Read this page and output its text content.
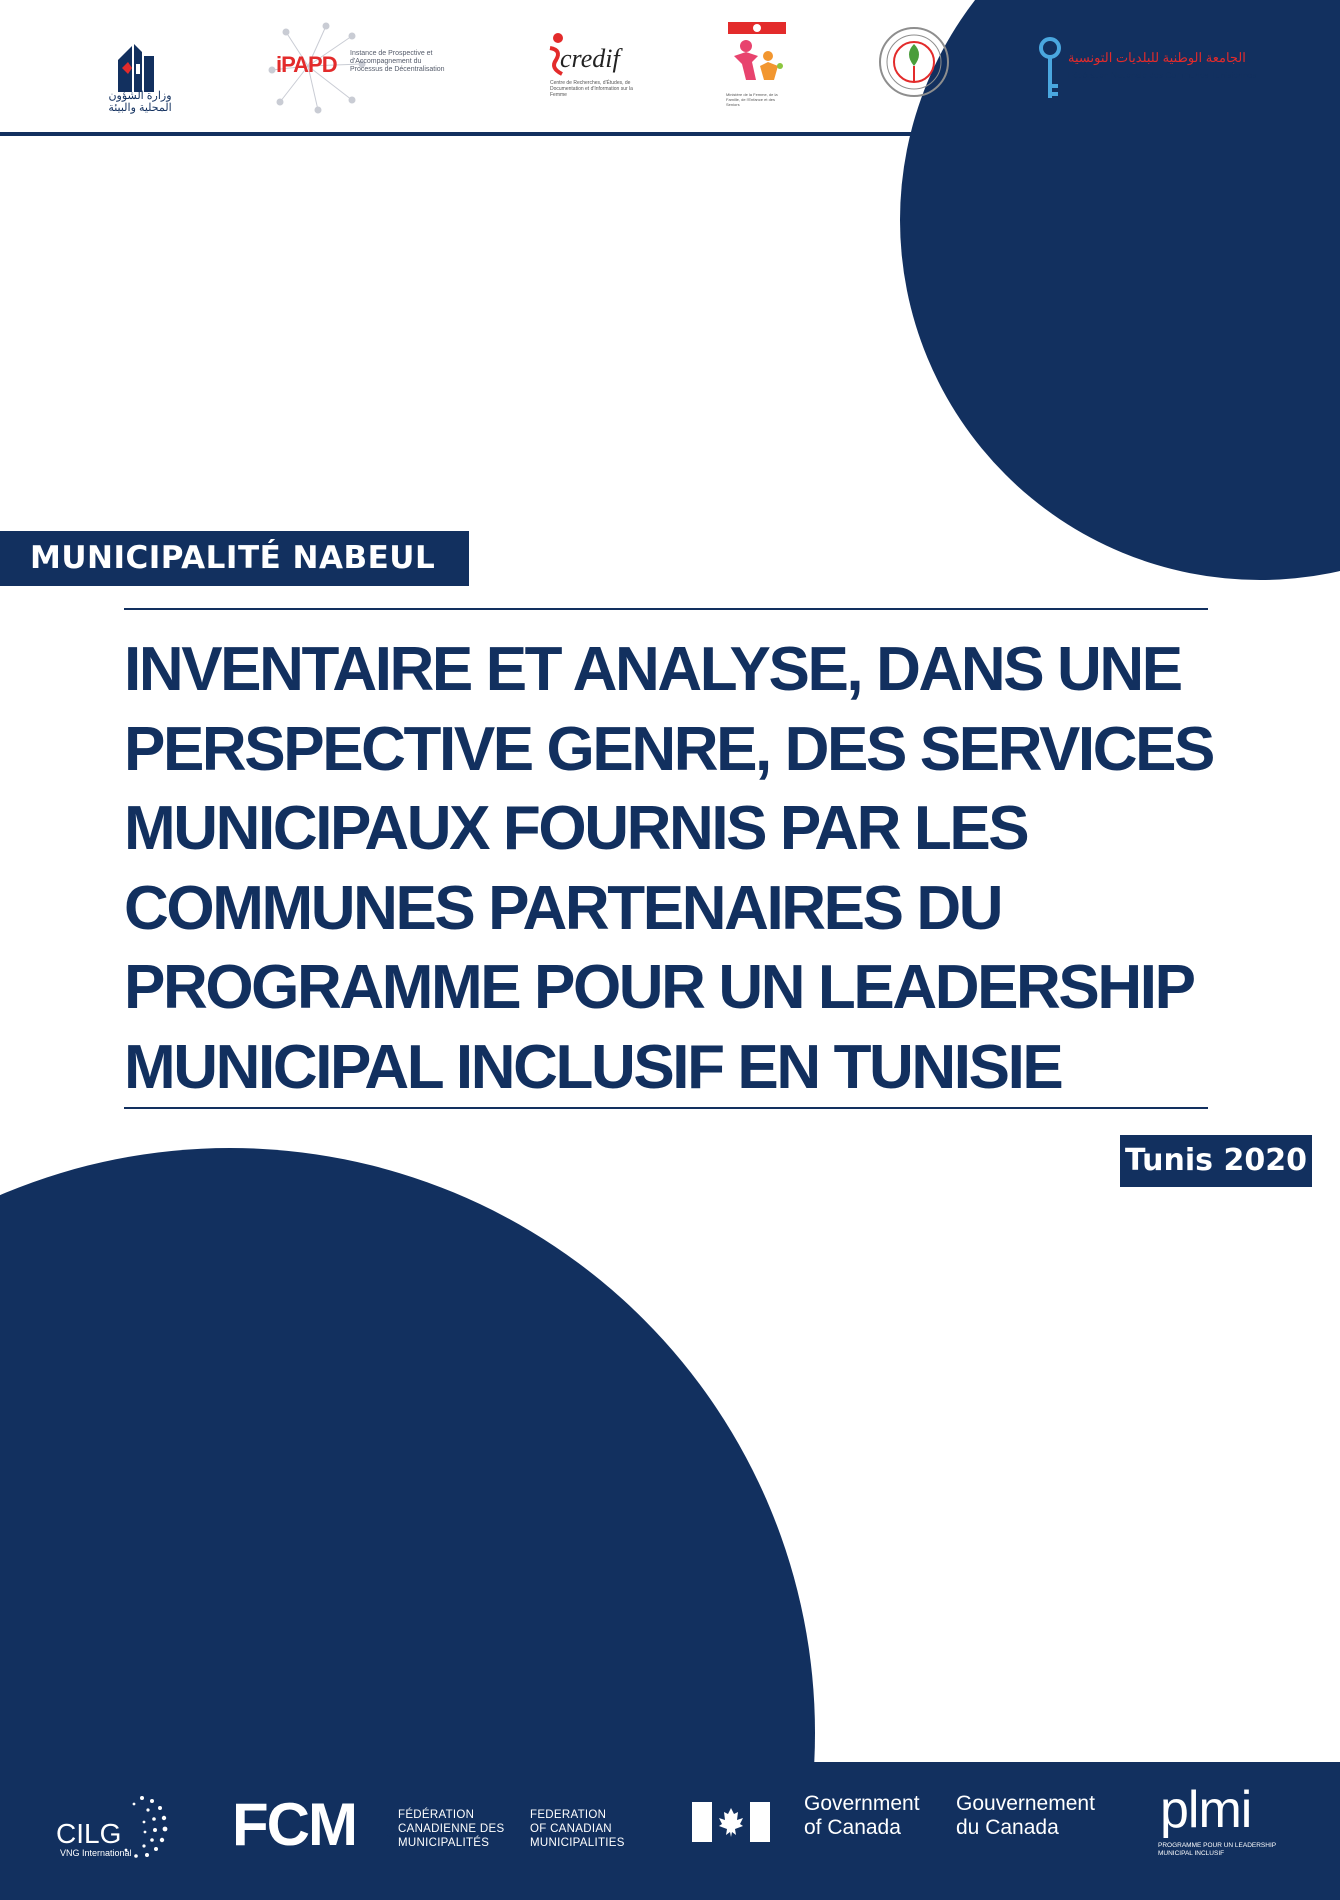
وزارة الشؤون المحلية والبيئة
iPAPD Instance de Prospective et d'Accompagnement du Processus de Décentralisation	credif
Centre de Recherches, d'Études, de Documentation et d'Information sur la Femme	Ministère de la Femme, de la Famille, de l'Enfance et des Seniors
الجامعة الوطنية للبلديات التونسية
Fédération Nationale des Communes Tunisiennes
MUNICIPALITÉ NABEUL
INVENTAIRE ET ANALYSE, DANS UNE
PERSPECTIVE GENRE, DES SERVICES
MUNICIPAUX FOURNIS PAR LES
COMMUNES PARTENAIRES DU
PROGRAMME POUR UN LEADERSHIP
MUNICIPAL INCLUSIF EN TUNISIE
Tunis 2020
CILG
VNG International FCM	FÉDÉRATION
CANADIENNE DES
MUNICIPALITÉS
FEDERATION
OF CANADIAN
MUNICIPALITIES
Government
of Canada
Gouvernement
du Canada	plmi
PROGRAMME POUR UN LEADERSHIP
MUNICIPAL INCLUSIF
